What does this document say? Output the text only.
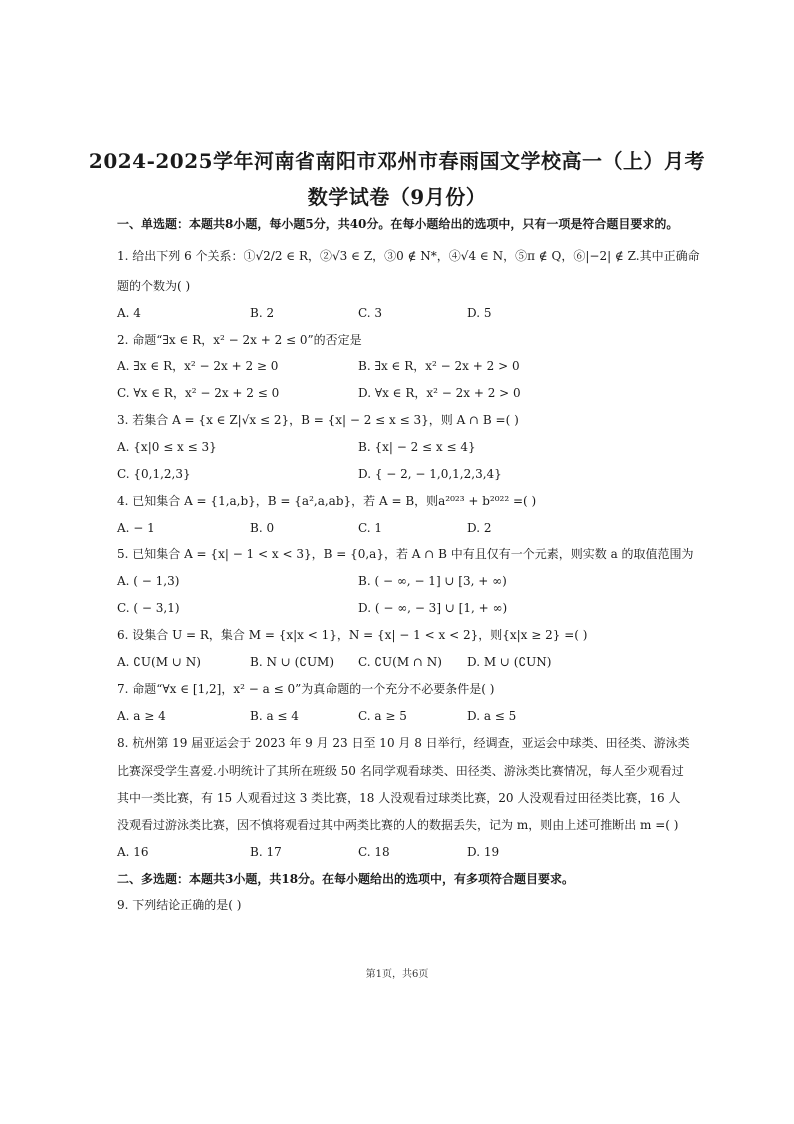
2024-2025学年河南省南阳市邓州市春雨国文学校高一（上）月考
数学试卷（9月份）
一、单选题：本题共8小题，每小题5分，共40分。在每小题给出的选项中，只有一项是符合题目要求的。
1. 给出下列 6 个关系：①√2/2 ∈ R，②√3 ∈ Z，③0 ∉ N*，④√4 ∈ N，⑤π ∉ Q，⑥|−2| ∉ Z.其中正确命
题的个数为( )
A. 4	B. 2	C. 3	D. 5
2. 命题“∃x ∈ R，x² − 2x + 2 ≤ 0”的否定是
A. ∃x ∈ R，x² − 2x + 2 ≥ 0	B. ∃x ∈ R，x² − 2x + 2 > 0
C. ∀x ∈ R，x² − 2x + 2 ≤ 0	D. ∀x ∈ R，x² − 2x + 2 > 0
3. 若集合 A = {x ∈ Z|√x ≤ 2}，B = {x| − 2 ≤ x ≤ 3}，则 A ∩ B =( )
A. {x|0 ≤ x ≤ 3}	B. {x| − 2 ≤ x ≤ 4}
C. {0,1,2,3}	D. { − 2, − 1,0,1,2,3,4}
4. 已知集合 A = {1,a,b}，B = {a²,a,ab}，若 A = B，则a²⁰²³ + b²⁰²² =( )
A. − 1	B. 0	C. 1	D. 2
5. 已知集合 A = {x| − 1 < x < 3}，B = {0,a}，若 A ∩ B 中有且仅有一个元素，则实数 a 的取值范围为
A. ( − 1,3)	B. ( − ∞, − 1] ∪ [3, + ∞)
C. ( − 3,1)	D. ( − ∞, − 3] ∪ [1, + ∞)
6. 设集合 U = R，集合 M = {x|x < 1}，N = {x| − 1 < x < 2}，则{x|x ≥ 2} =( )
A. ∁U(M ∪ N)	B. N ∪ (∁UM) C. ∁U(M ∩ N) D. M ∪ (∁UN)
7. 命题“∀x ∈ [1,2]，x² − a ≤ 0”为真命题的一个充分不必要条件是( )
A. a ≥ 4	B. a ≤ 4	C. a ≥ 5	D. a ≤ 5
8. 杭州第 19 届亚运会于 2023 年 9 月 23 日至 10 月 8 日举行，经调查，亚运会中球类、田径类、游泳类
比赛深受学生喜爱.小明统计了其所在班级 50 名同学观看球类、田径类、游泳类比赛情况，每人至少观看过
其中一类比赛，有 15 人观看过这 3 类比赛，18 人没观看过球类比赛，20 人没观看过田径类比赛，16 人
没观看过游泳类比赛，因不慎将观看过其中两类比赛的人的数据丢失，记为 m，则由上述可推断出 m =( )
A. 16	B. 17	C. 18	D. 19
二、多选题：本题共3小题，共18分。在每小题给出的选项中，有多项符合题目要求。
9. 下列结论正确的是( )
第1页，共6页
